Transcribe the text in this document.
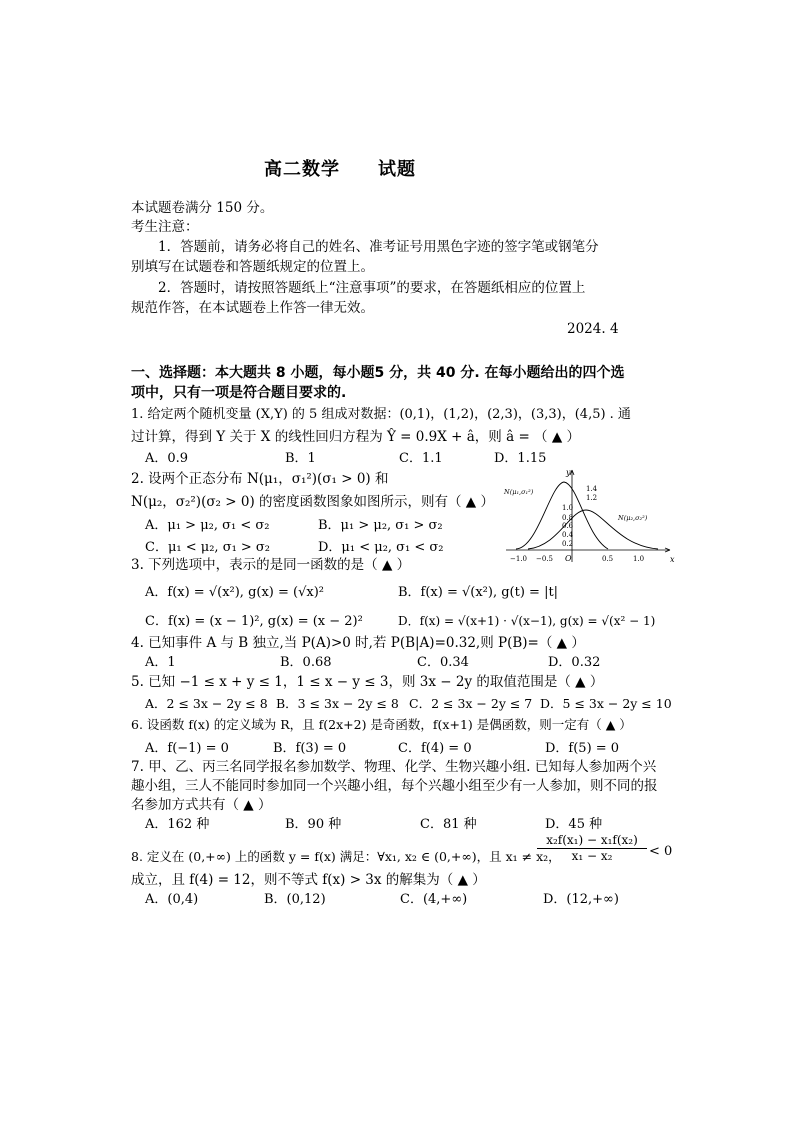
高二数学　　试题
本试题卷满分 150 分。
考生注意：
1．答题前，请务必将自己的姓名、准考证号用黑色字迹的签字笔或钢笔分
别填写在试题卷和答题纸规定的位置上。
2．答题时，请按照答题纸上“注意事项”的要求，在答题纸相应的位置上
规范作答，在本试题卷上作答一律无效。
2024. 4
一、选择题：本大题共 8 小题，每小题5 分，共 40 分. 在每小题给出的四个选
项中，只有一项是符合题目要求的.
1. 给定两个随机变量 (X,Y) 的 5 组成对数据：(0,1)，(1,2)，(2,3)，(3,3)，(4,5) . 通
过计算，得到 Y 关于 X 的线性回归方程为 Ŷ = 0.9X + â，则 â = （ ▲ ）
A．0.9	B．1	C．1.1	D．1.15
2. 设两个正态分布 N(μ₁，σ₁²)(σ₁ > 0) 和
N(μ₂，σ₂²)(σ₂ > 0) 的密度函数图象如图所示，则有（ ▲ ）
A．μ₁ > μ₂, σ₁ < σ₂	B．μ₁ > μ₂, σ₁ > σ₂
C．μ₁ < μ₂, σ₁ > σ₂	D．μ₁ < μ₂, σ₁ < σ₂
y
x
O
1.4
1.2
1.0
0.8
0.6
0.4
0.2
−1.0 −0.5	0.5	1.0
N(μ₁,σ₁²)
N(μ₂,σ₂²)
3. 下列选项中，表示的是同一函数的是（ ▲ ）
A．f(x) = √(x²), g(x) = (√x)²	B．f(x) = √(x²), g(t) = |t|
C．f(x) = (x − 1)², g(x) = (x − 2)²	D．f(x) = √(x+1) · √(x−1), g(x) = √(x² − 1)
4. 已知事件 A 与 B 独立,当 P(A)>0 时,若 P(B|A)=0.32,则 P(B)=（ ▲ ）
A．1	B．0.68	C．0.34	D．0.32
5. 已知 −1 ≤ x + y ≤ 1，1 ≤ x − y ≤ 3，则 3x − 2y 的取值范围是（ ▲ ）
A．2 ≤ 3x − 2y ≤ 8 B．3 ≤ 3x − 2y ≤ 8 C．2 ≤ 3x − 2y ≤ 7 D．5 ≤ 3x − 2y ≤ 10
6. 设函数 f(x) 的定义域为 R，且 f(2x+2) 是奇函数，f(x+1) 是偶函数，则一定有（ ▲ ）
A．f(−1) = 0	B．f(3) = 0	C．f(4) = 0	D．f(5) = 0
7. 甲、乙、丙三名同学报名参加数学、物理、化学、生物兴趣小组. 已知每人参加两个兴
趣小组，三人不能同时参加同一个兴趣小组，每个兴趣小组至少有一人参加，则不同的报
名参加方式共有（ ▲ ）
A．162 种	B．90 种	C．81 种	D．45 种
8. 定义在 (0,+∞) 上的函数 y = f(x) 满足：∀x₁, x₂ ∈ (0,+∞)，且 x₁ ≠ x₂，
$\frac{\text{x₂f(x₁) − x₁f(x₂)}}{\text{x₁ − x₂}} < 0$
成立，且 f(4) = 12，则不等式 f(x) > 3x 的解集为（ ▲ ）
A．(0,4)	B．(0,12)	C．(4,+∞)	D．(12,+∞)
